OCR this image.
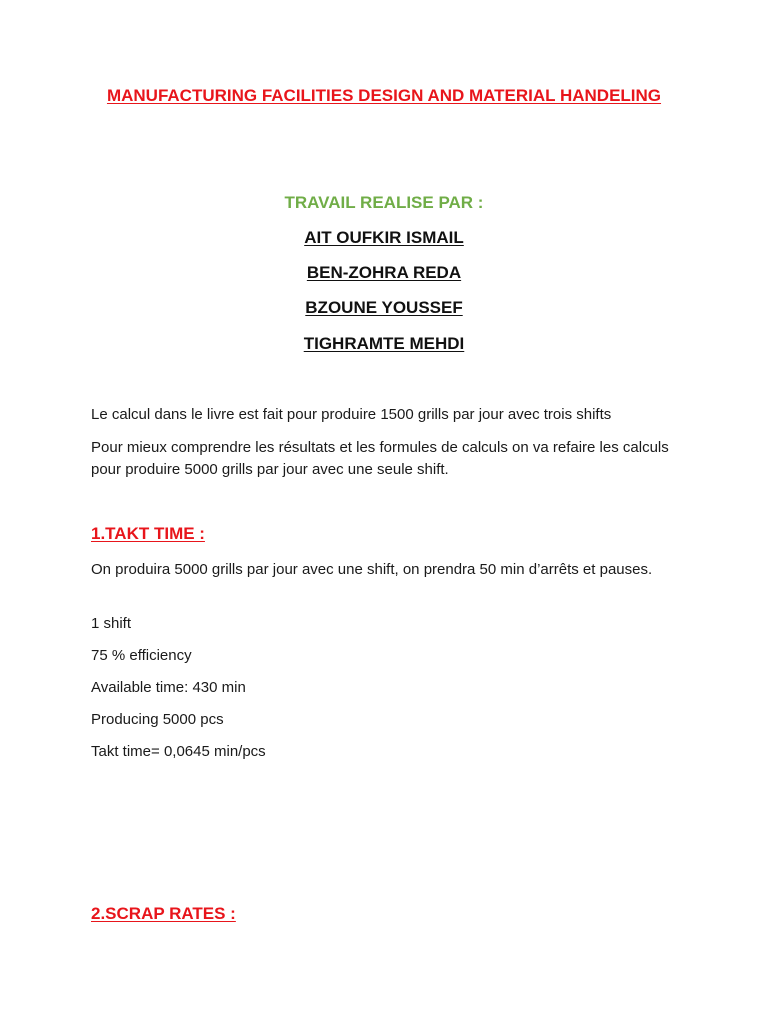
MANUFACTURING FACILITIES DESIGN AND MATERIAL HANDELING
TRAVAIL REALISE PAR :
AIT OUFKIR ISMAIL
BEN-ZOHRA REDA
BZOUNE YOUSSEF
TIGHRAMTE MEHDI
Le calcul dans le livre est fait pour produire 1500 grills par jour avec trois shifts
Pour mieux comprendre les résultats et les formules de calculs on va refaire les calculs pour produire 5000 grills par jour avec une seule shift.
1.TAKT TIME :
On produira 5000 grills par jour avec une shift, on prendra 50 min d’arrêts et pauses.
1 shift
75 % efficiency
Available time: 430 min
Producing 5000 pcs
Takt time= 0,0645 min/pcs
2.SCRAP RATES :
